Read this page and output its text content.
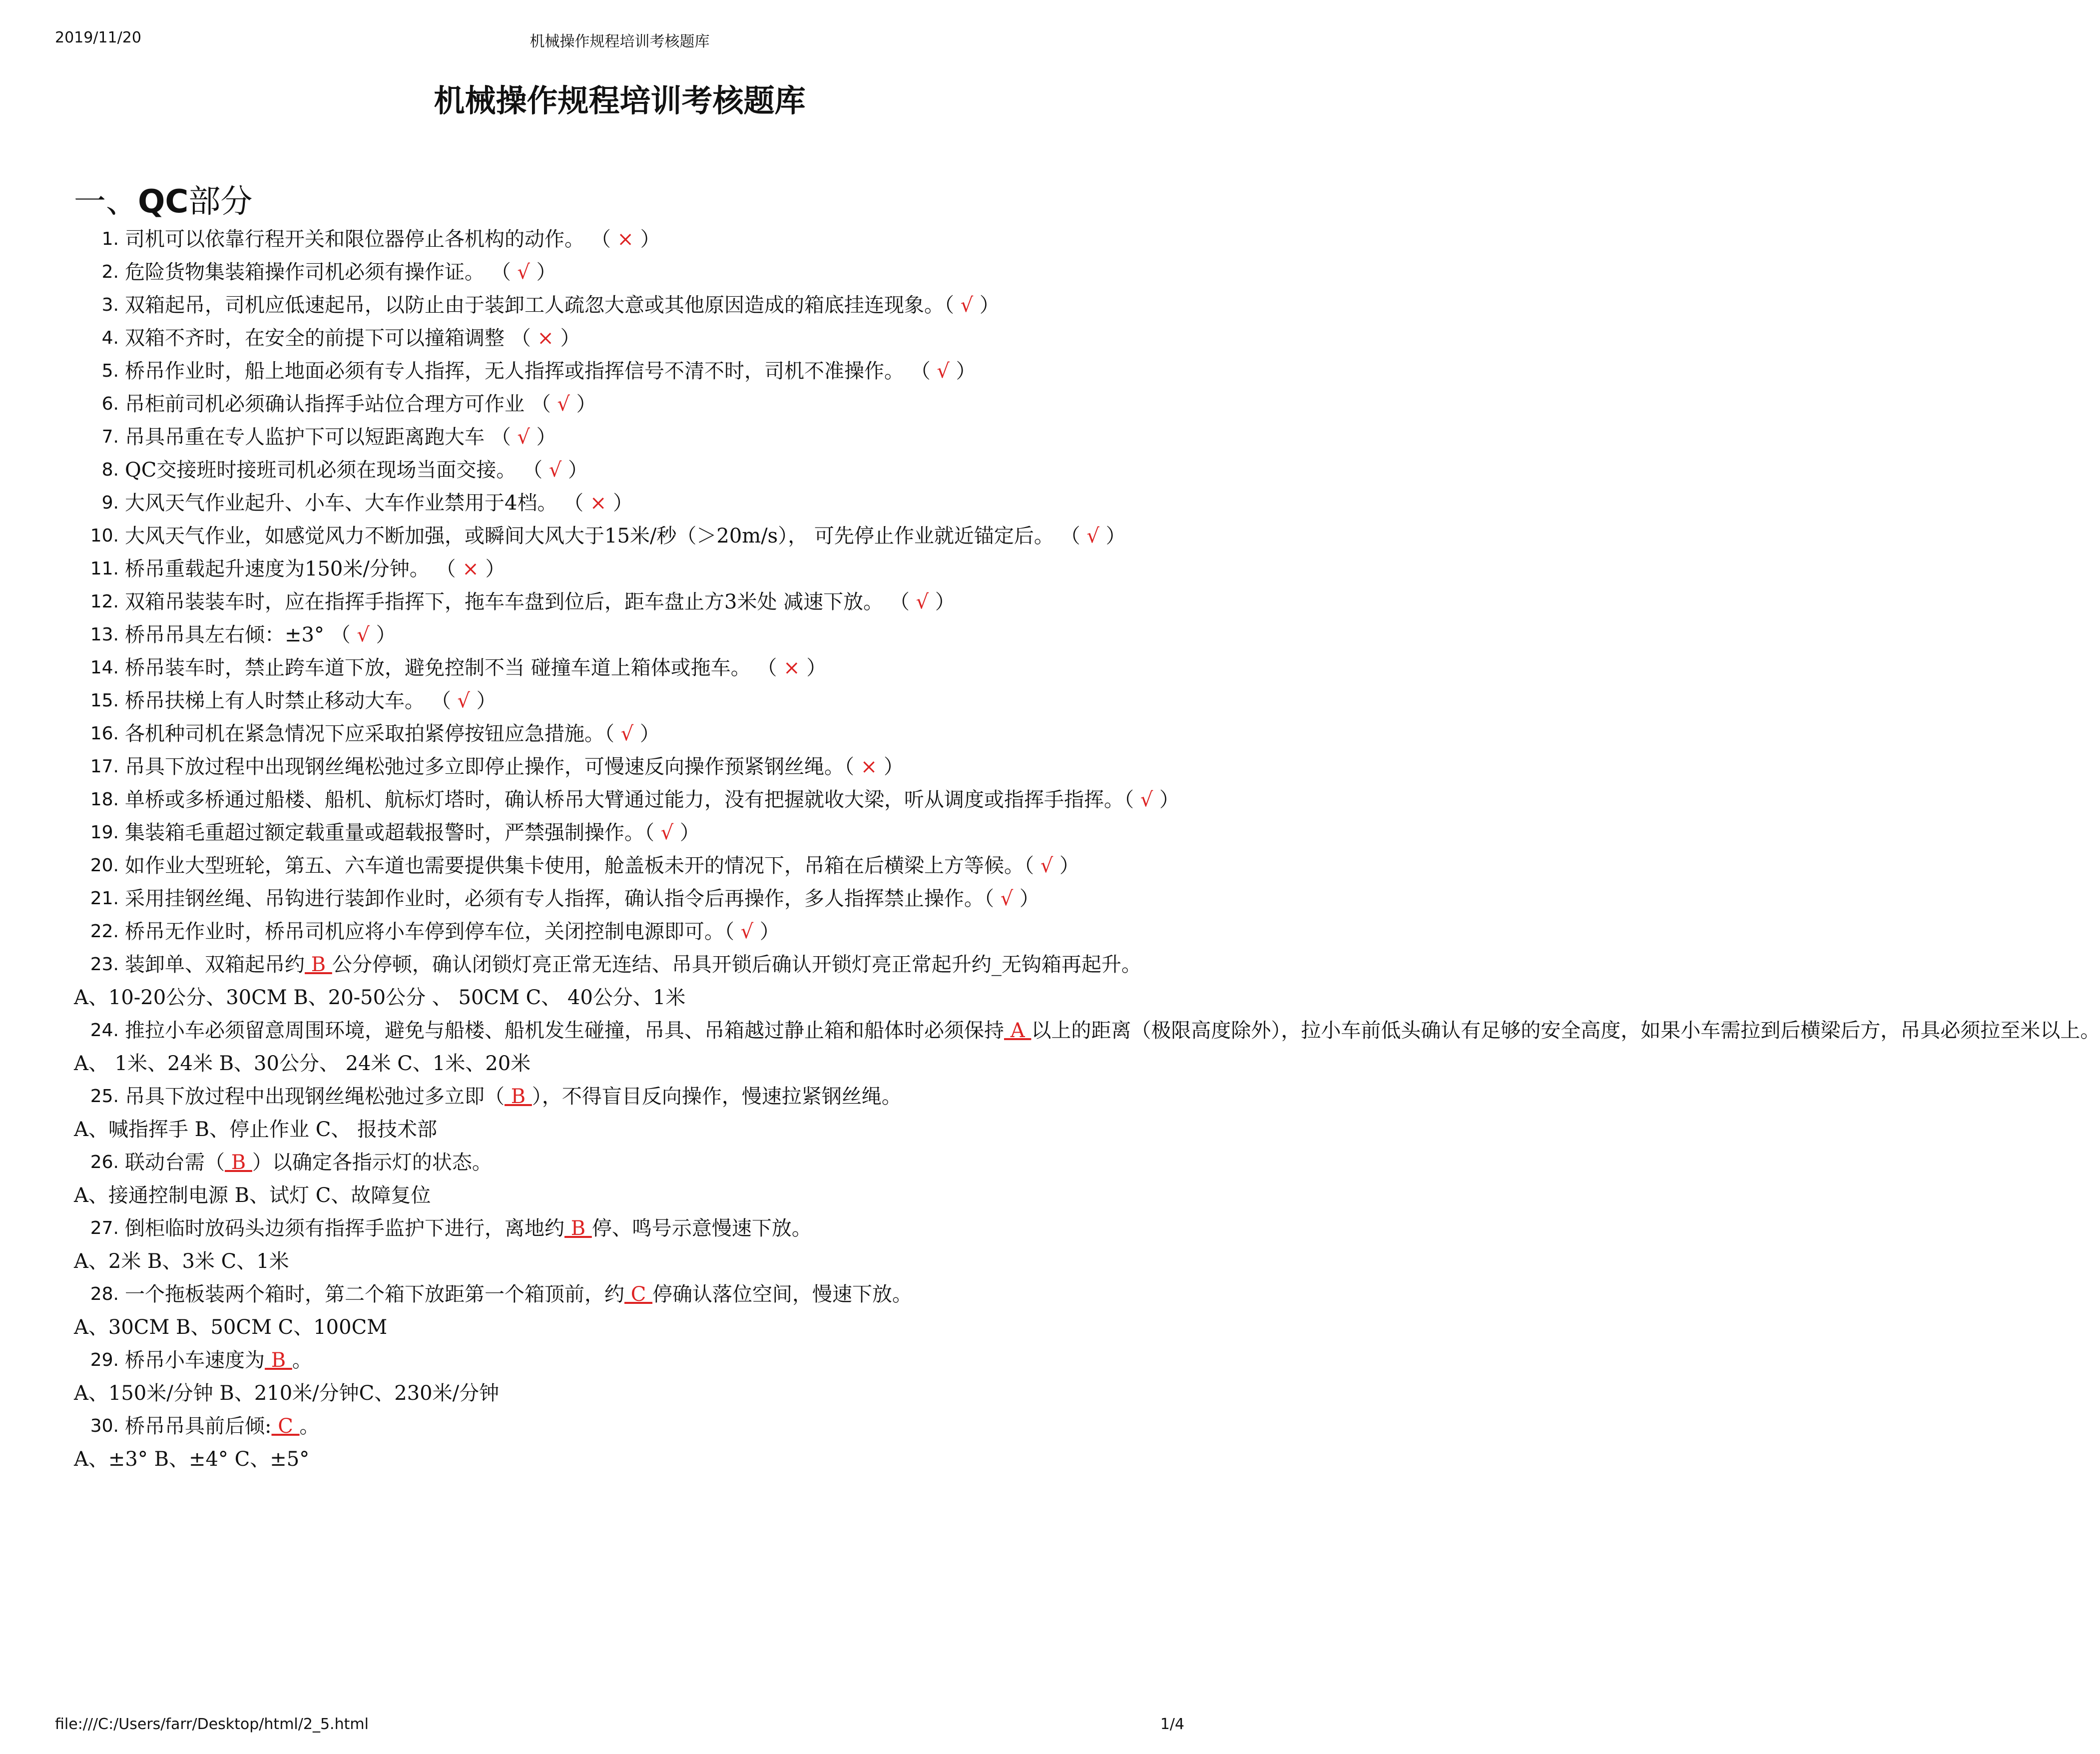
2019/11/20	机械操作规程培训考核题库
机械操作规程培训考核题库
一、QC部分
1. 司机可以依靠行程开关和限位器停止各机构的动作。 （ × ）
2. 危险货物集装箱操作司机必须有操作证。 （ √ ）
3. 双箱起吊，司机应低速起吊，以防止由于装卸工人疏忽大意或其他原因造成的箱底挂连现象。（ √ ）
4. 双箱不齐时，在安全的前提下可以撞箱调整 （ × ）
5. 桥吊作业时，船上地面必须有专人指挥，无人指挥或指挥信号不清不时，司机不准操作。 （ √ ）
6. 吊柜前司机必须确认指挥手站位合理方可作业 （ √ ）
7. 吊具吊重在专人监护下可以短距离跑大车 （ √ ）
8. QC交接班时接班司机必须在现场当面交接。 （ √ ）
9. 大风天气作业起升、小车、大车作业禁用于4档。 （ × ）
10. 大风天气作业，如感觉风力不断加强，或瞬间大风大于15米/秒（＞20m/s）， 可先停止作业就近锚定后。 （ √ ）
11. 桥吊重载起升速度为150米/分钟。 （ × ）
12. 双箱吊装装车时，应在指挥手指挥下，拖车车盘到位后，距车盘止方3米处 减速下放。 （ √ ）
13. 桥吊吊具左右倾：±3° （ √ ）
14. 桥吊装车时，禁止跨车道下放，避免控制不当 碰撞车道上箱体或拖车。 （ × ）
15. 桥吊扶梯上有人时禁止移动大车。 （ √ ）
16. 各机种司机在紧急情况下应采取拍紧停按钮应急措施。（ √ ）
17. 吊具下放过程中出现钢丝绳松弛过多立即停止操作，可慢速反向操作预紧钢丝绳。（ × ）
18. 单桥或多桥通过船楼、船机、航标灯塔时，确认桥吊大臂通过能力，没有把握就收大梁，听从调度或指挥手指挥。（ √ ）
19. 集装箱毛重超过额定载重量或超载报警时，严禁强制操作。（ √ ）
20. 如作业大型班轮，第五、六车道也需要提供集卡使用，舱盖板未开的情况下，吊箱在后横梁上方等候。（ √ ）
21. 采用挂钢丝绳、吊钩进行装卸作业时，必须有专人指挥，确认指令后再操作，多人指挥禁止操作。（ √ ）
22. 桥吊无作业时，桥吊司机应将小车停到停车位，关闭控制电源即可。（ √ ）
23. 装卸单、双箱起吊约 B 公分停顿，确认闭锁灯亮正常无连结、吊具开锁后确认开锁灯亮正常起升约_无钩箱再起升。
A、10-20公分、30CM B、20-50公分 、 50CM C、 40公分、1米
24. 推拉小车必须留意周围环境，避免与船楼、船机发生碰撞，吊具、吊箱越过静止箱和船体时必须保持 A 以上的距离（极限高度除外），拉小车前低头确认有足够的安全高度，如果小车需拉到后横梁后方，吊具必须拉至米以上。
A、 1米、24米 B、30公分、 24米 C、1米、20米
25. 吊具下放过程中出现钢丝绳松弛过多立即（ B ），不得盲目反向操作，慢速拉紧钢丝绳。
A、喊指挥手 B、停止作业 C、 报技术部
26. 联动台需（ B ）以确定各指示灯的状态。
A、接通控制电源 B、试灯 C、故障复位
27. 倒柜临时放码头边须有指挥手监护下进行，离地约 B 停、鸣号示意慢速下放。
A、2米 B、3米 C、1米
28. 一个拖板装两个箱时，第二个箱下放距第一个箱顶前，约 C 停确认落位空间，慢速下放。
A、30CM B、50CM C、100CM
29. 桥吊小车速度为 B 。
A、150米/分钟 B、210米/分钟C、230米/分钟
30. 桥吊吊具前后倾: C 。
A、±3° B、±4° C、±5°
file:///C:/Users/farr/Desktop/html/2_5.html	1/4
